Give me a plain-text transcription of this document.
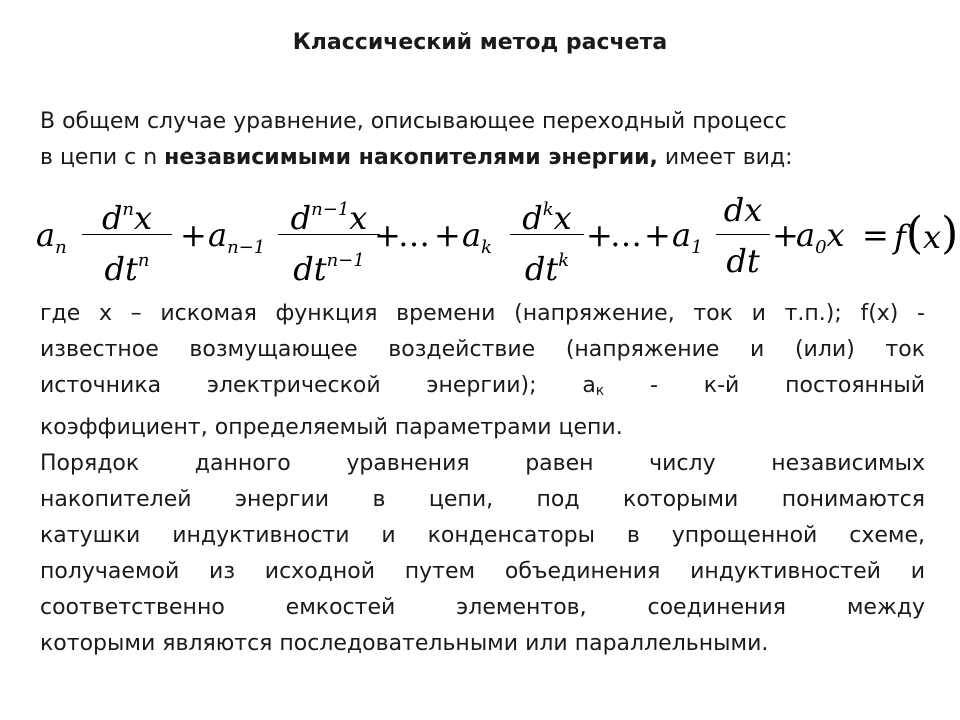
Классический метод расчета
В общем случае уравнение, описывающее переходный процесс
в цепи с n независимыми накопителями энергии, имеет вид:
$a_n$
$d^nx$
$dt^n$
+ $a_{n-1}$
$d^{n-1}x$
$dt^{n-1}$
+
… + $a_k$
$d^kx$
$dt^k$
+
… + $a_1$
dx
dt
+
$a_0x = f(x)$
где x – искомая функция времени (напряжение, ток и т.п.); f(x) -
известное возмущающее воздействие (напряжение и (или) ток
источника электрической энергии); ак - к-й постоянный
коэффициент, определяемый параметрами цепи.
Порядок данного уравнения равен числу независимых
накопителей энергии в цепи, под которыми понимаются
катушки индуктивности и конденсаторы в упрощенной схеме,
получаемой из исходной путем объединения индуктивностей и
соответственно емкостей элементов, соединения между
которыми являются последовательными или параллельными.
